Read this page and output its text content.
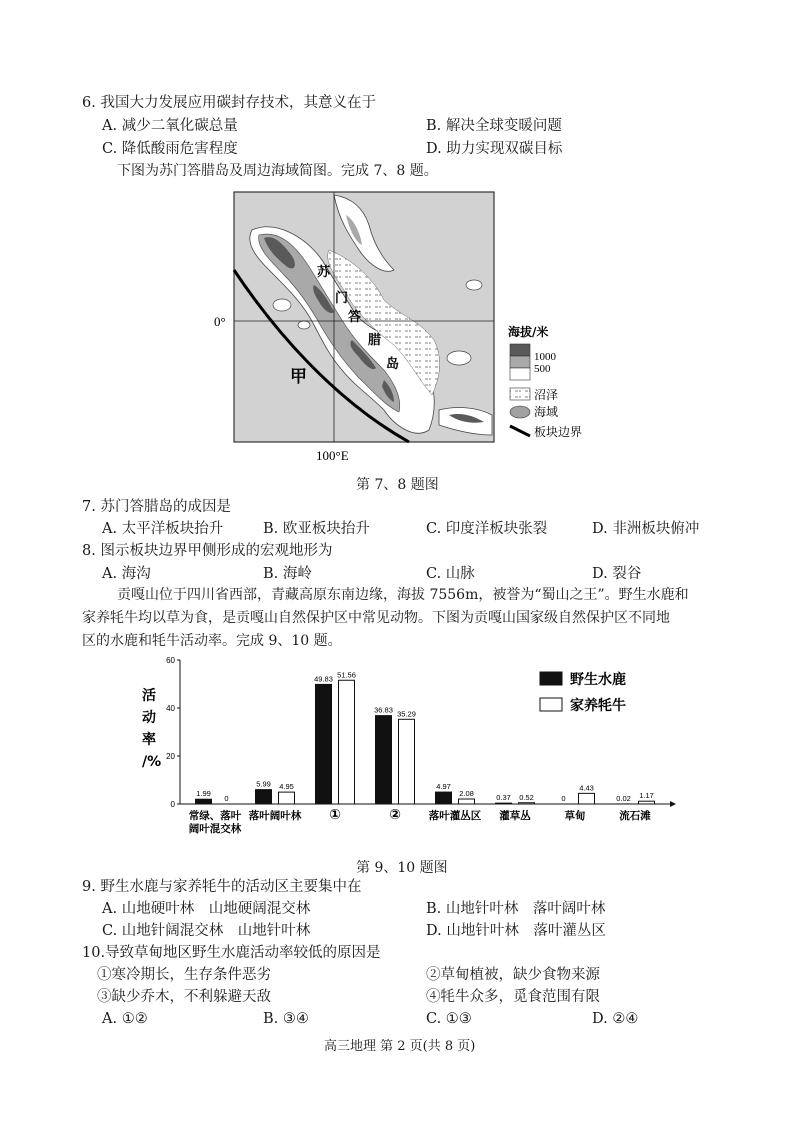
6. 我国大力发展应用碳封存技术，其意义在于
A. 减少二氧化碳总量	B. 解决全球变暖问题
C. 降低酸雨危害程度	D. 助力实现双碳目标
下图为苏门答腊岛及周边海域简图。完成 7、8 题。
0°
100°E
甲
苏
门
答
腊
岛
海拔/米
1000
500
沼泽
海域
板块边界
第 7、8 题图
7. 苏门答腊岛的成因是
A. 太平洋板块抬升	B. 欧亚板块抬升	C. 印度洋板块张裂	D. 非洲板块俯冲
8. 图示板块边界甲侧形成的宏观地形为
A. 海沟	B. 海岭	C. 山脉	D. 裂谷
贡嘎山位于四川省西部，青藏高原东南边缘，海拔 7556m，被誉为“蜀山之王”。野生水鹿和
家养牦牛均以草为食，是贡嘎山自然保护区中常见动物。下图为贡嘎山国家级自然保护区不同地
区的水鹿和牦牛活动率。完成 9、10 题。
活
动
率
/%
0
20
40
60
1.99
0
常绿、落叶
阔叶混交林
5.99 4.95
落叶阔叶林
49.83 51.56
①
36.83 35.29
②
4.97
2.08
落叶灌丛区
0.37 0.52
灌草丛
0
4.43
草甸
0.02 1.17
流石滩
野生水鹿
家养牦牛
第 9、10 题图
9. 野生水鹿与家养牦牛的活动区主要集中在
A. 山地硬叶林　山地硬阔混交林	B. 山地针叶林　落叶阔叶林
C. 山地针阔混交林　山地针叶林	D. 山地针叶林　落叶灌丛区
10.导致草甸地区野生水鹿活动率较低的原因是
①寒冷期长，生存条件恶劣	②草甸植被，缺少食物来源
③缺少乔木，不利躲避天敌	④牦牛众多，觅食范围有限
A. ①②	B. ③④	C. ①③	D. ②④
高三地理 第 2 页(共 8 页)
